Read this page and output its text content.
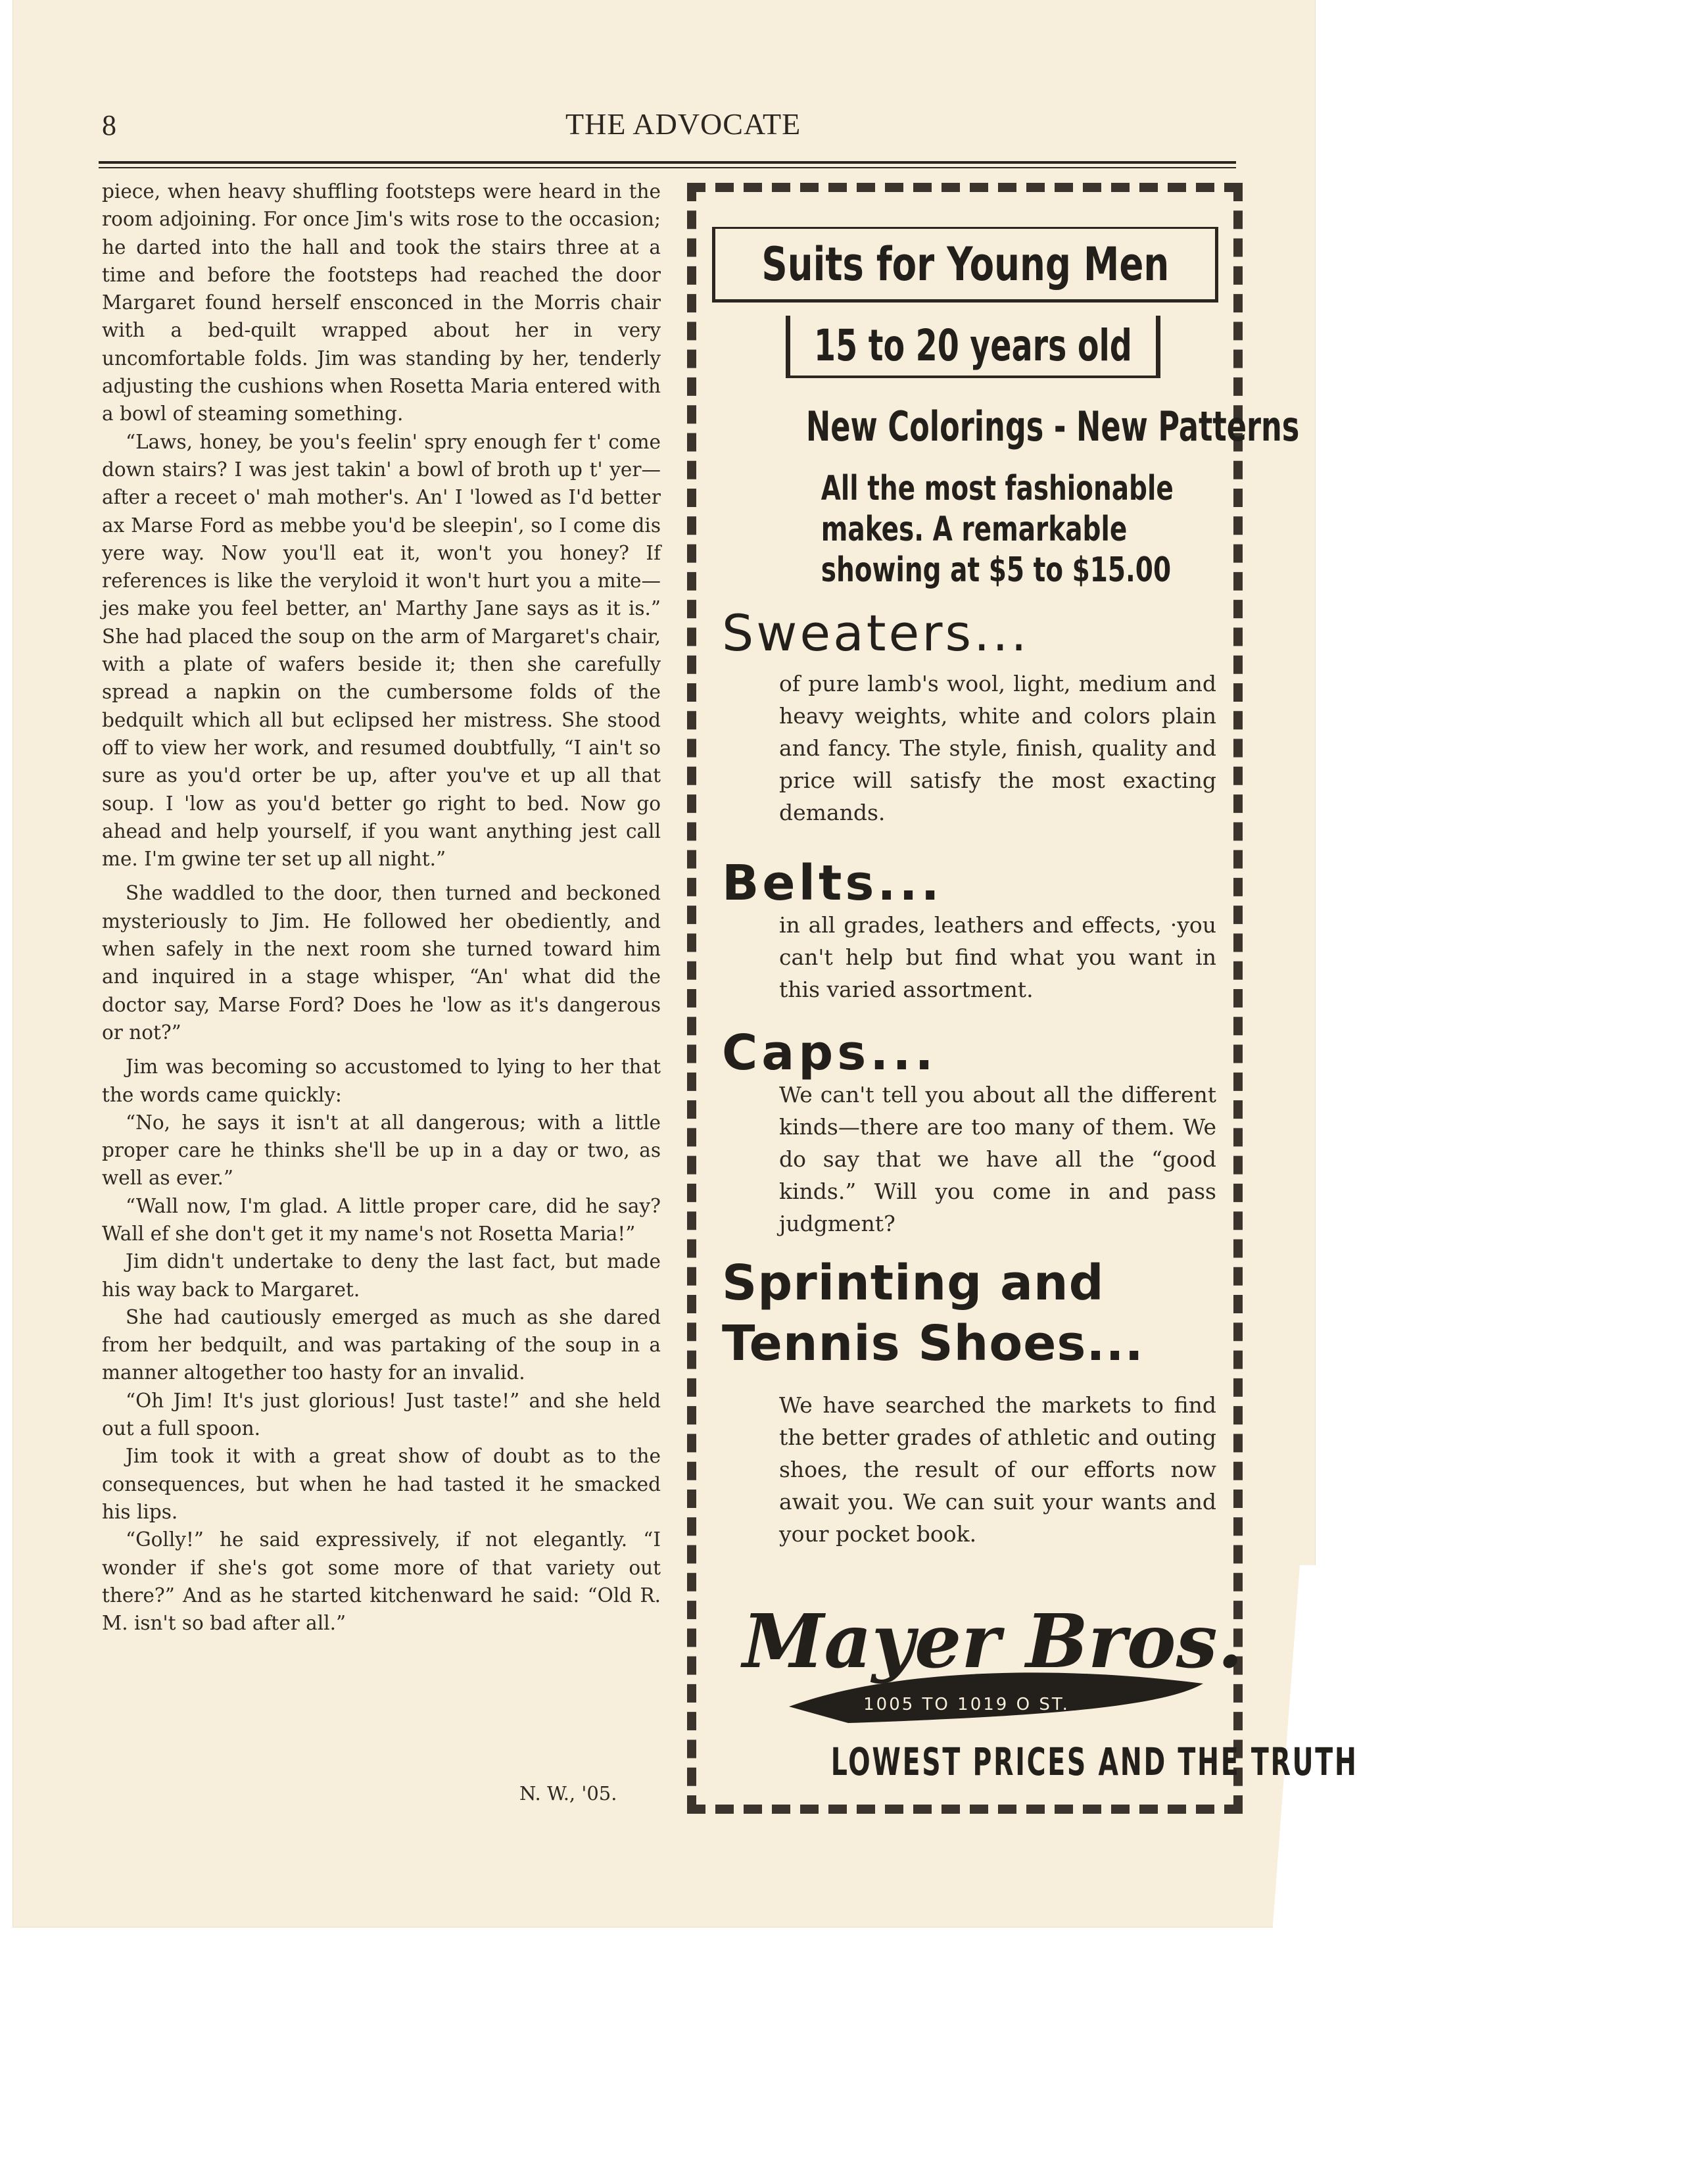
8	THE ADVOCATE

piece, when heavy shuffling footsteps were heard in the room adjoining. For once Jim's wits rose to the occasion; he darted into the hall and took the stairs three at a time and before the footsteps had reached the door Margaret found herself ensconced in the Morris chair with a bed-quilt wrapped about her in very uncomfortable folds. Jim was standing by her, tenderly adjusting the cushions when Rosetta Maria entered with a bowl of steaming something.

“Laws, honey, be you's feelin' spry enough fer t' come down stairs? I was jest takin' a bowl of broth up t' yer—after a receet o' mah mother's. An' I 'lowed as I'd better ax Marse Ford as mebbe you'd be sleepin', so I come dis yere way. Now you'll eat it, won't you honey? If references is like the veryloid it won't hurt you a mite—jes make you feel better, an' Marthy Jane says as it is.” She had placed the soup on the arm of Margaret's chair, with a plate of wafers beside it; then she carefully spread a napkin on the cumbersome folds of the bedquilt which all but eclipsed her mistress. She stood off to view her work, and resumed doubtfully, “I ain't so sure as you'd orter be up, after you've et up all that soup. I 'low as you'd better go right to bed. Now go ahead and help yourself, if you want anything jest call me. I'm gwine ter set up all night.”

She waddled to the door, then turned and beckoned mysteriously to Jim. He followed her obediently, and when safely in the next room she turned toward him and inquired in a stage whisper, “An' what did the doctor say, Marse Ford? Does he 'low as it's dangerous or not?”

Jim was becoming so accustomed to lying to her that the words came quickly:

“No, he says it isn't at all dangerous; with a little proper care he thinks she'll be up in a day or two, as well as ever.”

“Wall now, I'm glad. A little proper care, did he say? Wall ef she don't get it my name's not Rosetta Maria!”

Jim didn't undertake to deny the last fact, but made his way back to Margaret.

She had cautiously emerged as much as she dared from her bedquilt, and was partaking of the soup in a manner altogether too hasty for an invalid.

“Oh Jim! It's just glorious! Just taste!” and she held out a full spoon.

Jim took it with a great show of doubt as to the consequences, but when he had tasted it he smacked his lips.

“Golly!” he said expressively, if not elegantly. “I wonder if she's got some more of that variety out there?” And as he started kitchenward he said: “Old R. M. isn't so bad after all.”

N. W., '05.
Suits for Young Men
15 to 20 years old
New Colorings - New Patterns
All the most fashionable
makes. A remarkable
showing at $5 to $15.00
Sweaters...
of pure lamb's wool, light, medium and heavy weights, white and colors plain and fancy. The style, finish, quality and price will satisfy the most exacting demands.
Belts...
in all grades, leathers and effects, ·you can't help but find what you want in this varied assortment.
Caps...
We can't tell you about all the different kinds—there are too many of them. We do say that we have all the “good kinds.” Will you come in and pass judgment?
Sprinting and
Tennis Shoes...
We have searched the markets to find the better grades of athletic and outing shoes, the result of our efforts now await you. We can suit your wants and your pocket book.
Mayer Bros.
1005 TO 1019 O ST.
LOWEST PRICES AND THE TRUTH
